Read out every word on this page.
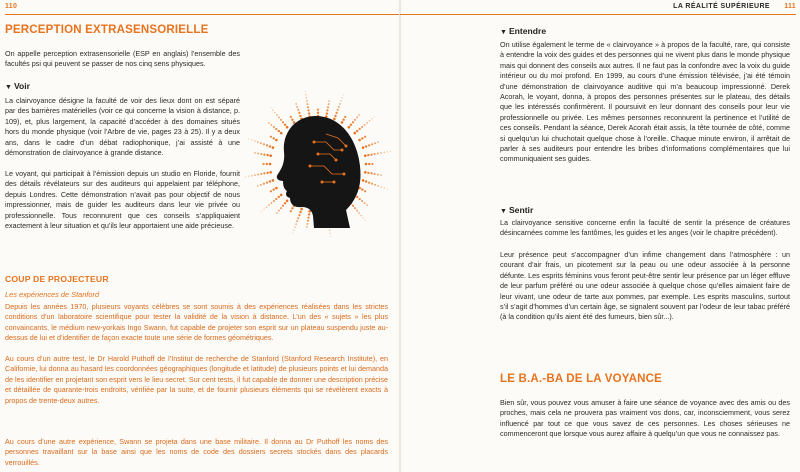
110
PERCEPTION EXTRASENSORIELLE

On appelle perception extrasensorielle (ESP en anglais) l’ensemble des facultés psi qui peuvent se passer de nos cinq sens physiques.

▼ Voir

La clairvoyance désigne la faculté de voir des lieux dont on est séparé par des barrières matérielles (voir ce qui concerne la vision à distance, p. 109), et, plus largement, la capacité d’accéder à des domaines situés hors du monde physique (voir l’Arbre de vie, pages 23 à 25). Il y a deux ans, dans le cadre d’un débat radiophonique, j’ai assisté à une démonstration de clairvoyance à grande distance.

Le voyant, qui participait à l’émission depuis un studio en Floride, fournit des détails révélateurs sur des auditeurs qui appelaient par téléphone, depuis Londres. Cette démonstration n’avait pas pour objectif de nous impressionner, mais de guider les auditeurs dans leur vie privée ou professionnelle. Tous reconnurent que ces conseils s’appliquaient exactement à leur situation et qu’ils leur apportaient une aide précieuse.

COUP DE PROJECTEUR

Les expériences de Stanford

Depuis les années 1970, plusieurs voyants célèbres se sont soumis à des expériences réalisées dans les strictes conditions d’un laboratoire scientifique pour tester la validité de la vision à distance. L’un des « sujets » les plus convaincants, le médium new-yorkais Ingo Swann, fut capable de projeter son esprit sur un plateau suspendu juste au-dessus de lui et d’identifier de façon exacte toute une série de formes géométriques.

Au cours d’un autre test, le Dr Harold Puthoff de l’Institut de recherche de Stanford (Stanford Research Institute), en Californie, lui donna au hasard les coordonnées géographiques (longitude et latitude) de plusieurs points et lui demanda de les identifier en projetant son esprit vers le lieu secret. Sur cent tests, il fut capable de donner une description précise et détaillée de quarante-trois endroits, vérifiée par la suite, et de fournir plusieurs éléments qui se révélèrent exacts à propos de trente-deux autres.

Au cours d’une autre expérience, Swann se projeta dans une base militaire. Il donna au Dr Puthoff les noms des personnes travaillant sur la base ainsi que les noms de code des dossiers secrets stockés dans des placards verrouillés.

LA RÉALITÉ SUPÉRIEURE 111
▼ Entendre

On utilise également le terme de « clairvoyance » à propos de la faculté, rare, qui consiste à entendre la voix des guides et des personnes qui ne vivent plus dans le monde physique mais qui donnent des conseils aux autres. Il ne faut pas la confondre avec la voix du guide intérieur ou du moi profond. En 1999, au cours d’une émission télévisée, j’ai été témoin d’une démonstration de clairvoyance auditive qui m’a beaucoup impressionné. Derek Acorah, le voyant, donna, à propos des personnes présentes sur le plateau, des détails que les intéressés confirmèrent. Il poursuivit en leur donnant des conseils pour leur vie professionnelle ou privée. Les mêmes personnes reconnurent la pertinence et l’utilité de ces conseils. Pendant la séance, Derek Acorah était assis, la tête tournée de côté, comme si quelqu’un lui chuchotait quelque chose à l’oreille. Chaque minute environ, il arrêtait de parler à ses auditeurs pour entendre les bribes d’informations complémentaires que lui communiquaient ses guides.

▼ Sentir

La clairvoyance sensitive concerne enfin la faculté de sentir la présence de créatures désincarnées comme les fantômes, les guides et les anges (voir le chapitre précédent).

Leur présence peut s’accompagner d’un infime changement dans l’atmosphère : un courant d’air frais, un picotement sur la peau ou une odeur associée à la personne défunte. Les esprits féminins vous feront peut-être sentir leur présence par un léger effluve de leur parfum préféré ou une odeur associée à quelque chose qu’elles aimaient faire de leur vivant, une odeur de tarte aux pommes, par exemple. Les esprits masculins, surtout s’il s’agit d’hommes d’un certain âge, se signalent souvent par l’odeur de leur tabac préféré (à la condition qu’ils aient été des fumeurs, bien sûr...).

LE B.A.-BA DE LA VOYANCE

Bien sûr, vous pouvez vous amuser à faire une séance de voyance avec des amis ou des proches, mais cela ne prouvera pas vraiment vos dons, car, inconsciemment, vous serez influencé par tout ce que vous savez de ces personnes. Les choses sérieuses ne commenceront que lorsque vous aurez affaire à quelqu’un que vous ne connaissez pas.
